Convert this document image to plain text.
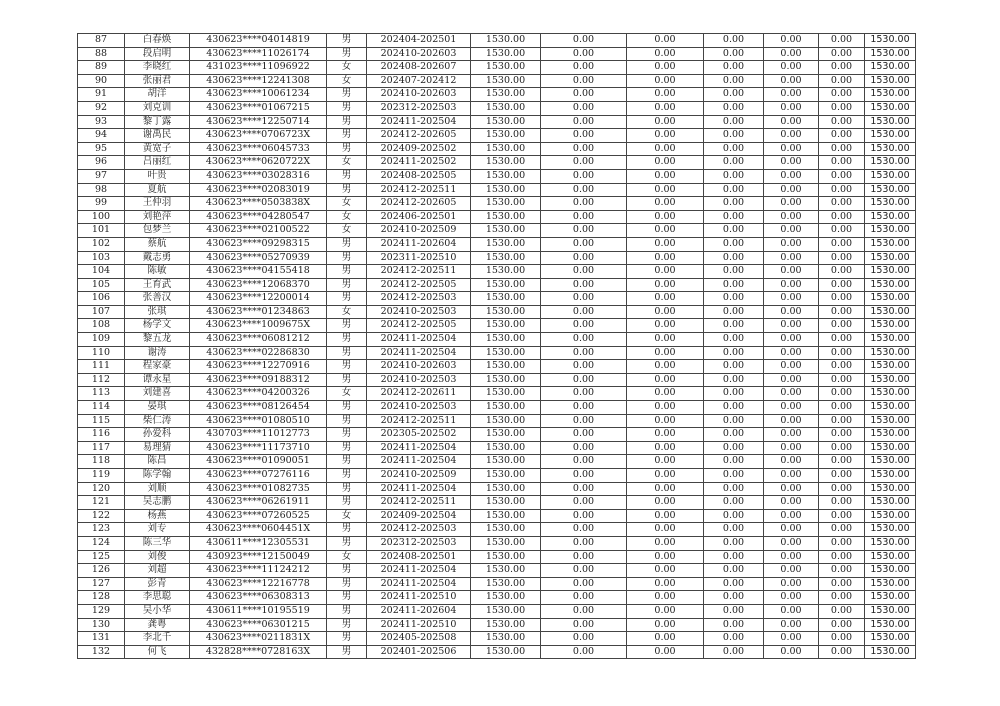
87	白春焕	430623****04014819	男	202404-202501	1530.00	0.00	0.00	0.00	0.00	0.00	1530.00
88	段启明	430623****11026174	男	202410-202603	1530.00	0.00	0.00	0.00	0.00	0.00	1530.00
89	李晓红	431023****11096922	女	202408-202607	1530.00	0.00	0.00	0.00	0.00	0.00	1530.00
90	张丽君	430623****12241308	女	202407-202412	1530.00	0.00	0.00	0.00	0.00	0.00	1530.00
91	胡洋	430623****10061234	男	202410-202603	1530.00	0.00	0.00	0.00	0.00	0.00	1530.00
92	刘克训	430623****01067215	男	202312-202503	1530.00	0.00	0.00	0.00	0.00	0.00	1530.00
93	黎丁露	430623****12250714	男	202411-202504	1530.00	0.00	0.00	0.00	0.00	0.00	1530.00
94	谢禹民	430623****0706723X	男	202412-202605	1530.00	0.00	0.00	0.00	0.00	0.00	1530.00
95	黄宽子	430623****06045733	男	202409-202502	1530.00	0.00	0.00	0.00	0.00	0.00	1530.00
96	吕丽红	430623****0620722X	女	202411-202502	1530.00	0.00	0.00	0.00	0.00	0.00	1530.00
97	叶贵	430623****03028316	男	202408-202505	1530.00	0.00	0.00	0.00	0.00	0.00	1530.00
98	夏航	430623****02083019	男	202412-202511	1530.00	0.00	0.00	0.00	0.00	0.00	1530.00
99	王仲羽	430623****0503838X	女	202412-202605	1530.00	0.00	0.00	0.00	0.00	0.00	1530.00
100	刘艳萍	430623****04280547	女	202406-202501	1530.00	0.00	0.00	0.00	0.00	0.00	1530.00
101	包梦兰	430623****02100522	女	202410-202509	1530.00	0.00	0.00	0.00	0.00	0.00	1530.00
102	蔡航	430623****09298315	男	202411-202604	1530.00	0.00	0.00	0.00	0.00	0.00	1530.00
103	戴志勇	430623****05270939	男	202311-202510	1530.00	0.00	0.00	0.00	0.00	0.00	1530.00
104	陈敏	430623****04155418	男	202412-202511	1530.00	0.00	0.00	0.00	0.00	0.00	1530.00
105	王育武	430623****12068370	男	202412-202505	1530.00	0.00	0.00	0.00	0.00	0.00	1530.00
106	张善汉	430623****12200014	男	202412-202503	1530.00	0.00	0.00	0.00	0.00	0.00	1530.00
107	张琪	430623****01234863	女	202410-202503	1530.00	0.00	0.00	0.00	0.00	0.00	1530.00
108	杨学文	430623****1009675X	男	202412-202505	1530.00	0.00	0.00	0.00	0.00	0.00	1530.00
109	黎五龙	430623****06081212	男	202411-202504	1530.00	0.00	0.00	0.00	0.00	0.00	1530.00
110	谢涛	430623****02286830	男	202411-202504	1530.00	0.00	0.00	0.00	0.00	0.00	1530.00
111	程家豪	430623****12270916	男	202410-202603	1530.00	0.00	0.00	0.00	0.00	0.00	1530.00
112	谭永星	430623****09188312	男	202410-202503	1530.00	0.00	0.00	0.00	0.00	0.00	1530.00
113	刘建喜	430623****04200326	女	202412-202611	1530.00	0.00	0.00	0.00	0.00	0.00	1530.00
114	晏琪	430623****08126454	男	202410-202503	1530.00	0.00	0.00	0.00	0.00	0.00	1530.00
115	柴仁涛	430623****01080510	男	202412-202511	1530.00	0.00	0.00	0.00	0.00	0.00	1530.00
116	孙爱科	430703****11012773	男	202305-202502	1530.00	0.00	0.00	0.00	0.00	0.00	1530.00
117	易理猜	430623****11173710	男	202411-202504	1530.00	0.00	0.00	0.00	0.00	0.00	1530.00
118	陈昌	430623****01090051	男	202411-202504	1530.00	0.00	0.00	0.00	0.00	0.00	1530.00
119	陈学翰	430623****07276116	男	202410-202509	1530.00	0.00	0.00	0.00	0.00	0.00	1530.00
120	刘顺	430623****01082735	男	202411-202504	1530.00	0.00	0.00	0.00	0.00	0.00	1530.00
121	吴志鹏	430623****06261911	男	202412-202511	1530.00	0.00	0.00	0.00	0.00	0.00	1530.00
122	杨燕	430623****07260525	女	202409-202504	1530.00	0.00	0.00	0.00	0.00	0.00	1530.00
123	刘专	430623****0604451X	男	202412-202503	1530.00	0.00	0.00	0.00	0.00	0.00	1530.00
124	陈三华	430611****12305531	男	202312-202503	1530.00	0.00	0.00	0.00	0.00	0.00	1530.00
125	刘俊	430923****12150049	女	202408-202501	1530.00	0.00	0.00	0.00	0.00	0.00	1530.00
126	刘超	430623****11124212	男	202411-202504	1530.00	0.00	0.00	0.00	0.00	0.00	1530.00
127	彭青	430623****12216778	男	202411-202504	1530.00	0.00	0.00	0.00	0.00	0.00	1530.00
128	李思聪	430623****06308313	男	202411-202510	1530.00	0.00	0.00	0.00	0.00	0.00	1530.00
129	吴小华	430611****10195519	男	202411-202604	1530.00	0.00	0.00	0.00	0.00	0.00	1530.00
130	龚粤	430623****06301215	男	202411-202510	1530.00	0.00	0.00	0.00	0.00	0.00	1530.00
131	李北千	430623****0211831X	男	202405-202508	1530.00	0.00	0.00	0.00	0.00	0.00	1530.00
132	何飞	432828****0728163X	男	202401-202506	1530.00	0.00	0.00	0.00	0.00	0.00	1530.00
